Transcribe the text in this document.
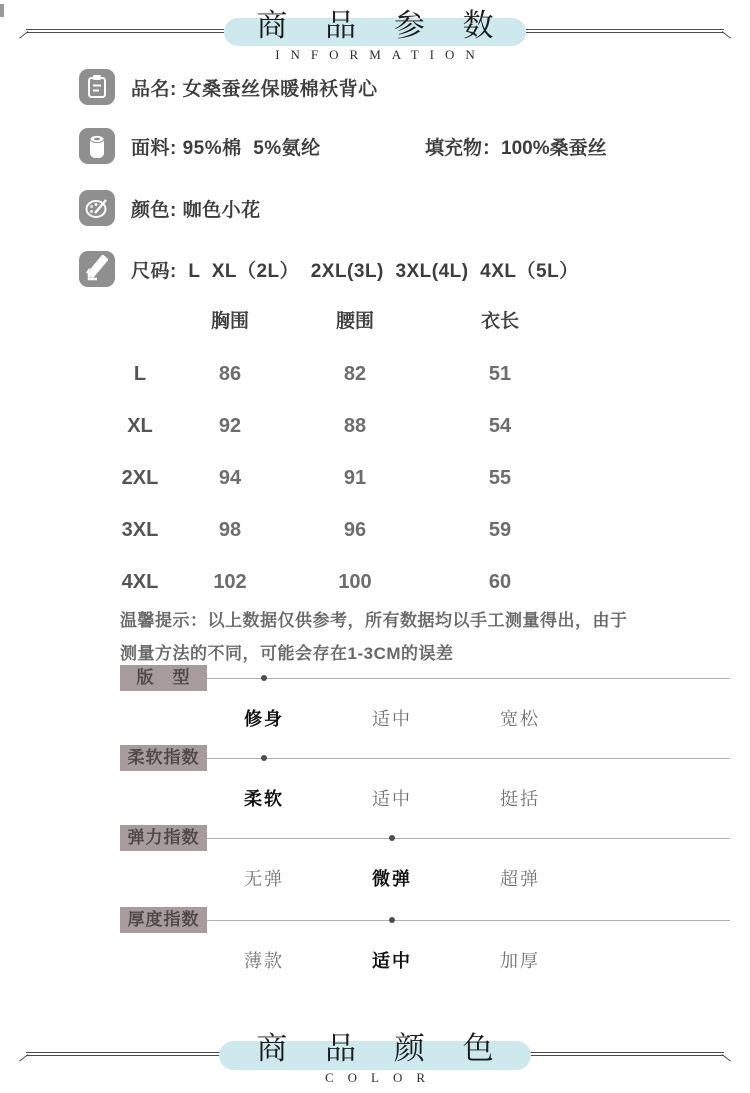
商 品 参 数
INFORMATION
品名: 女桑蚕丝保暖棉袄背心
面料: 95%棉  5%氨纶	填充物：100%桑蚕丝
颜色: 咖色小花
尺码:  L  XL（2L）  2XL(3L)  3XL(4L)  4XL（5L）
胸围	腰围	衣长
L	86	82	51
XL	92	88	54
2XL	94	91	55
3XL	98	96	59
4XL	102	100	60

温馨提示：以上数据仅供参考，所有数据均以手工测量得出，由于测量方法的不同，可能会存在1-3CM的误差

版　型
修身	适中	宽松
柔软指数
柔软	适中	挺括
弹力指数
无弹	微弹	超弹
厚度指数
薄款	适中	加厚
商 品 颜 色
COLOR
